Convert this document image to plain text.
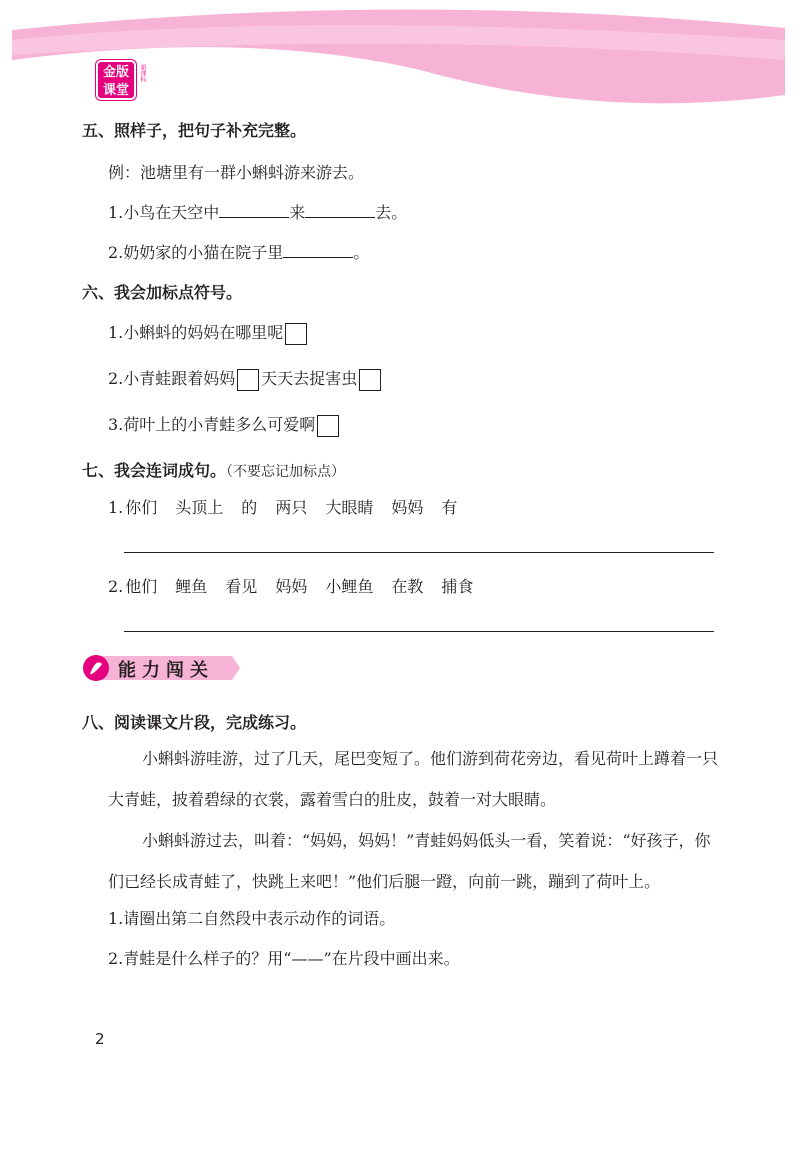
金版
课堂
新课标
五、照样子，把句子补充完整。
例：池塘里有一群小蝌蚪游来游去。
1.小鸟在天空中	来	去。
2.奶奶家的小猫在院子里	。
六、我会加标点符号。
1.小蝌蚪的妈妈在哪里呢
2.小青蛙跟着妈妈 天天去捉害虫
3.荷叶上的小青蛙多么可爱啊
七、我会连词成句。（不要忘记加标点）
1. 你们 头顶上 的 两只 大眼睛 妈妈 有
2. 他们 鲤鱼 看见 妈妈 小鲤鱼 在教 捕食
能力闯关
八、阅读课文片段，完成练习。
小蝌蚪游哇游，过了几天，尾巴变短了。他们游到荷花旁边，看见荷叶上蹲着一只大青蛙，披着碧绿的衣裳，露着雪白的肚皮，鼓着一对大眼睛。
小蝌蚪游过去，叫着：“妈妈，妈妈！”青蛙妈妈低头一看，笑着说：“好孩子，你们已经长成青蛙了，快跳上来吧！”他们后腿一蹬，向前一跳，蹦到了荷叶上。
1.请圈出第二自然段中表示动作的词语。
2.青蛙是什么样子的？用“——”在片段中画出来。
2
